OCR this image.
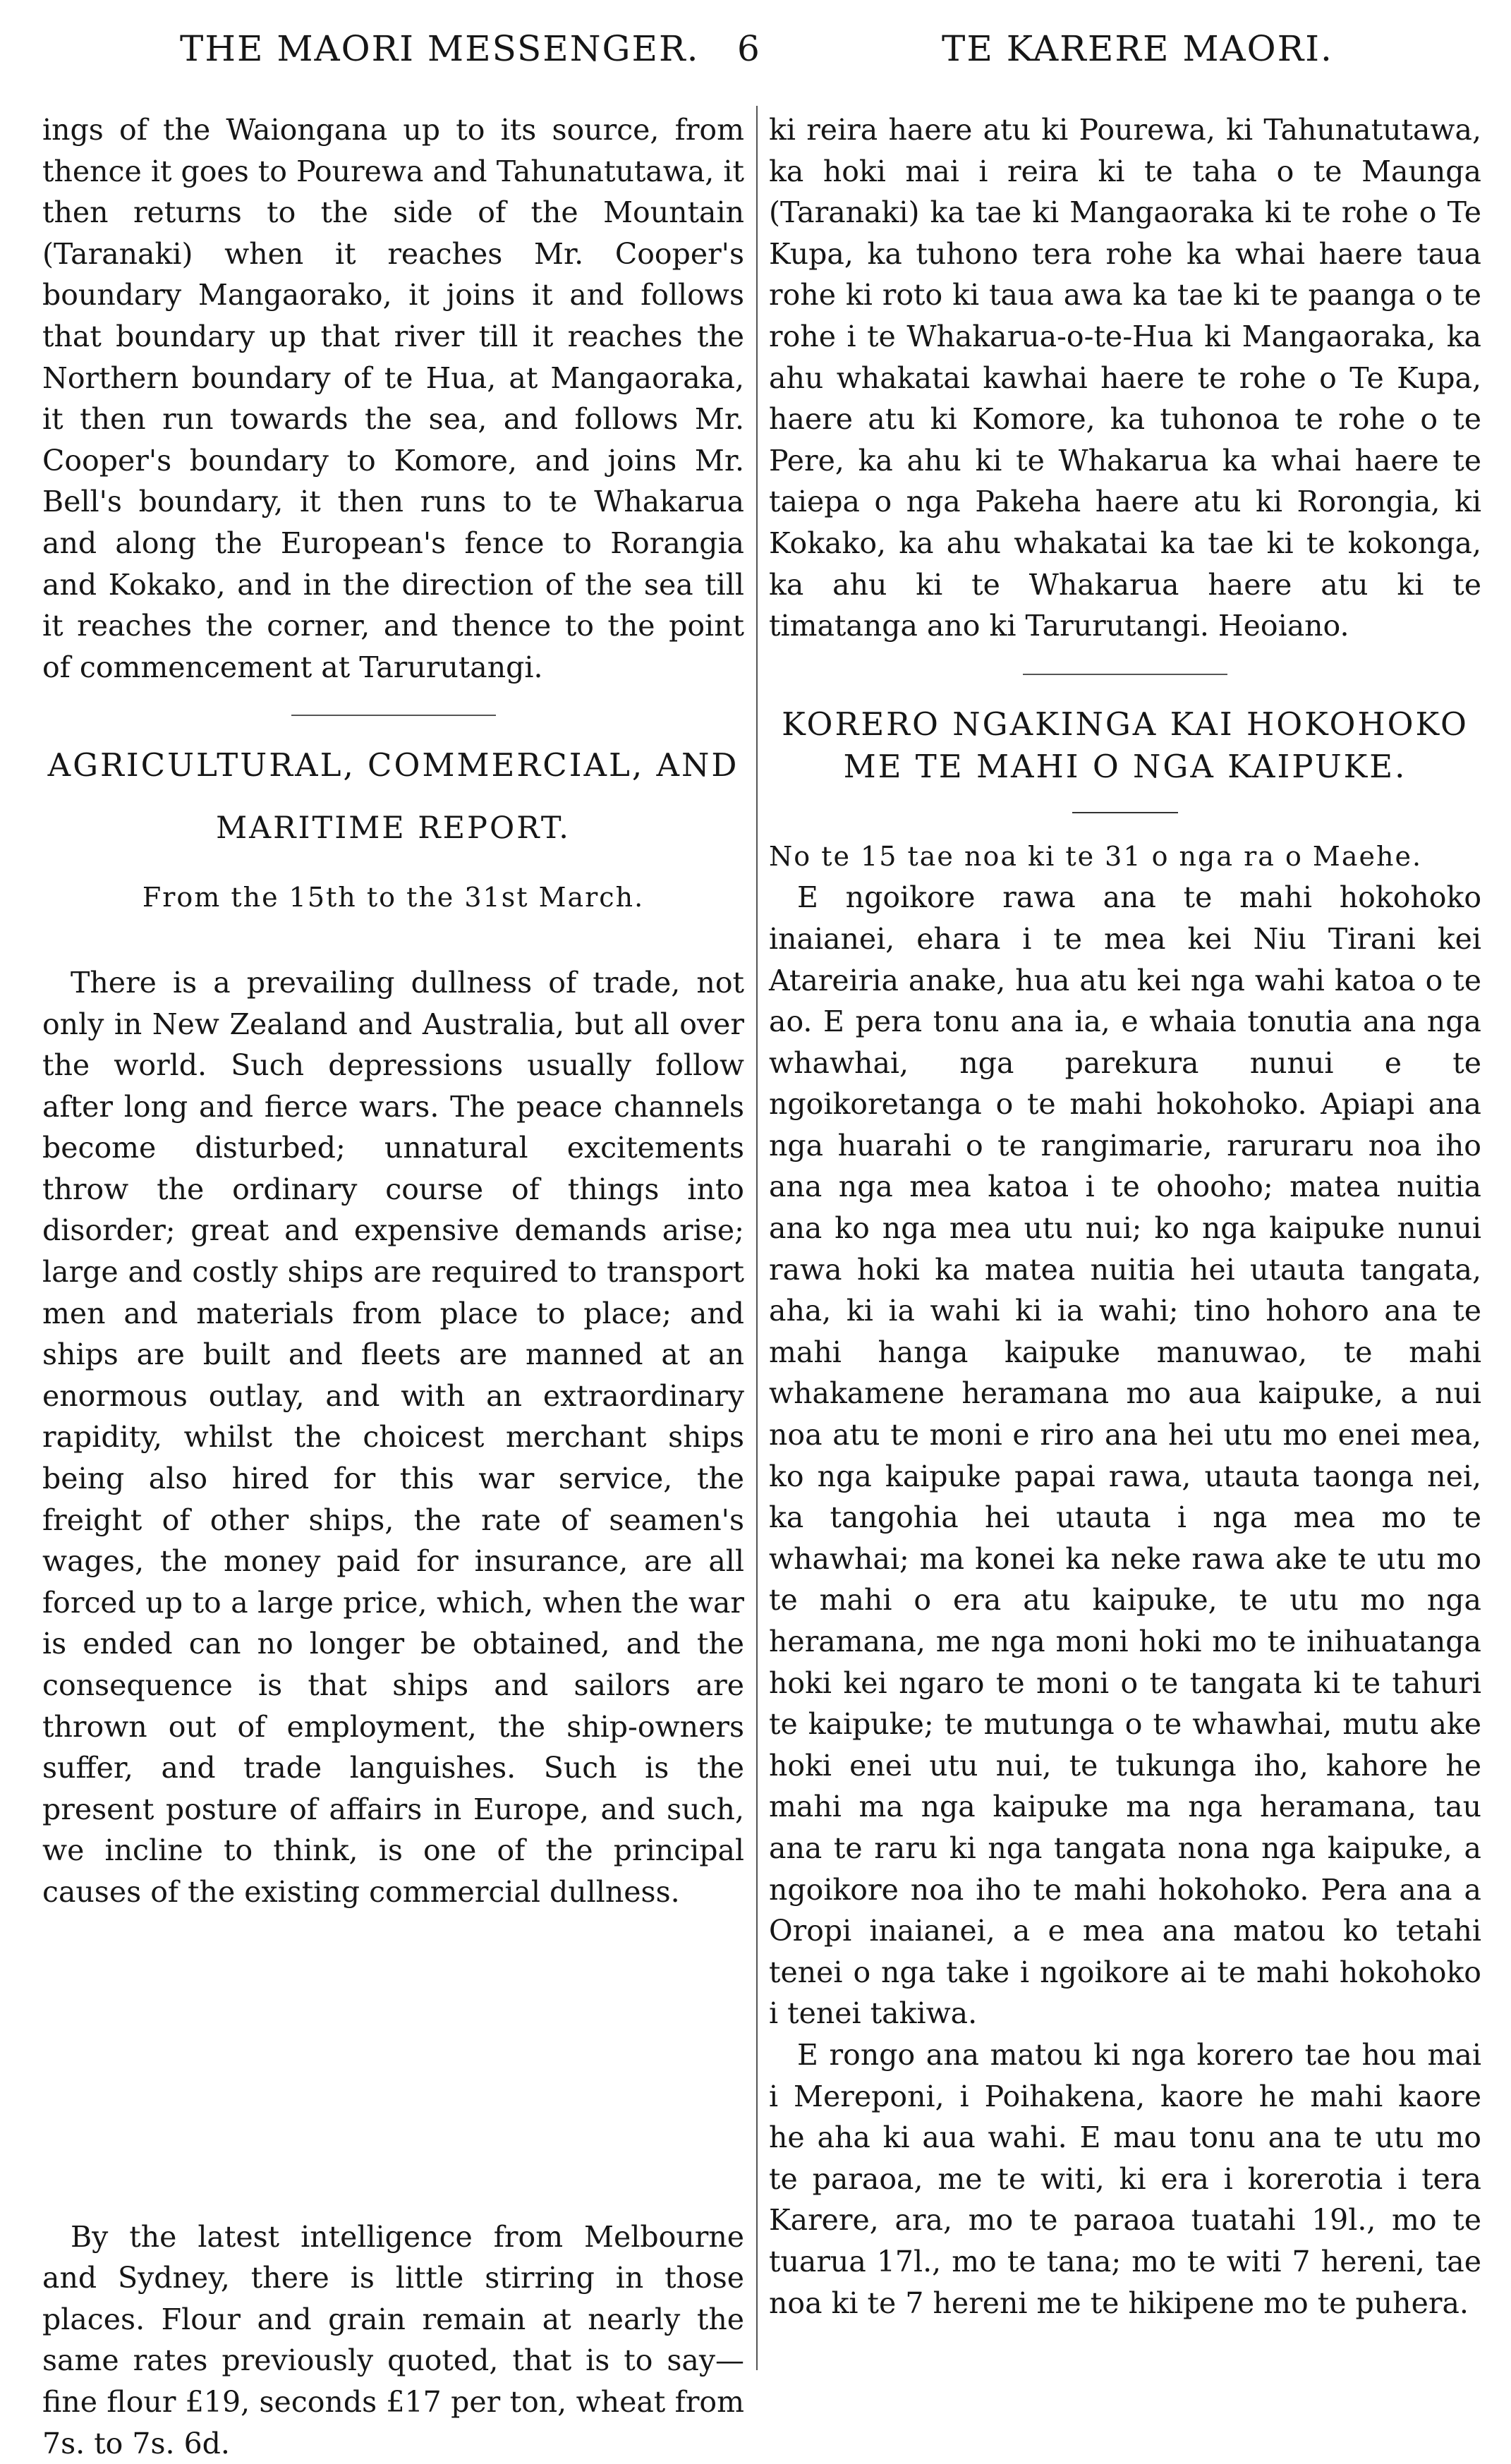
THE MAORI MESSENGER. 6	TE KARERE MAORI.

ings of the Waiongana up to its source, from thence it goes to Pourewa and Tahunatutawa, it then returns to the side of the Mountain (Taranaki) when it reaches Mr. Cooper's boundary Mangaorako, it joins it and follows that boundary up that river till it reaches the Northern boundary of te Hua, at Mangaoraka, it then run towards the sea, and follows Mr. Cooper's boundary to Komore, and joins Mr. Bell's boundary, it then runs to te Whakarua and along the European's fence to Rorangia and Kokako, and in the direction of the sea till it reaches the corner, and thence to the point of commencement at Tarurutangi.

AGRICULTURAL, COMMERCIAL, AND

MARITIME REPORT.

From the 15th to the 31st March.

There is a prevailing dullness of trade, not only in New Zealand and Australia, but all over the world. Such depressions usually follow after long and fierce wars. The peace channels become disturbed; unnatural excitements throw the ordinary course of things into disorder; great and expensive demands arise; large and costly ships are required to transport men and materials from place to place; and ships are built and fleets are manned at an enormous outlay, and with an extraordinary rapidity, whilst the choicest merchant ships being also hired for this war service, the freight of other ships, the rate of seamen's wages, the money paid for insurance, are all forced up to a large price, which, when the war is ended can no longer be obtained, and the consequence is that ships and sailors are thrown out of employment, the ship-owners suffer, and trade languishes. Such is the present posture of affairs in Europe, and such, we incline to think, is one of the principal causes of the existing commercial dullness.

By the latest intelligence from Melbourne and Sydney, there is little stirring in those places. Flour and grain remain at nearly the same rates previously quoted, that is to say—fine flour £19, seconds £17 per ton, wheat from 7s. to 7s. 6d.

ki reira haere atu ki Pourewa, ki Tahunatutawa, ka hoki mai i reira ki te taha o te Maunga (Taranaki) ka tae ki Mangaoraka ki te rohe o Te Kupa, ka tuhono tera rohe ka whai haere taua rohe ki roto ki taua awa ka tae ki te paanga o te rohe i te Whakarua-o-te-Hua ki Mangaoraka, ka ahu whakatai kawhai haere te rohe o Te Kupa, haere atu ki Komore, ka tuhonoa te rohe o te Pere, ka ahu ki te Whakarua ka whai haere te taiepa o nga Pakeha haere atu ki Rorongia, ki Kokako, ka ahu whakatai ka tae ki te kokonga, ka ahu ki te Whakarua haere atu ki te timatanga ano ki Tarurutangi. Heoiano.

KORERO NGAKINGA KAI HOKOHOKO

ME TE MAHI O NGA KAIPUKE.

No te 15 tae noa ki te 31 o nga ra o Maehe.

E ngoikore rawa ana te mahi hokohoko inaianei, ehara i te mea kei Niu Tirani kei Atareiria anake, hua atu kei nga wahi katoa o te ao. E pera tonu ana ia, e whaia tonutia ana nga whawhai, nga parekura nunui e te ngoikoretanga o te mahi hokohoko. Apiapi ana nga huarahi o te rangimarie, raruraru noa iho ana nga mea katoa i te ohooho; matea nuitia ana ko nga mea utu nui; ko nga kaipuke nunui rawa hoki ka matea nuitia hei utauta tangata, aha, ki ia wahi ki ia wahi; tino hohoro ana te mahi hanga kaipuke manuwao, te mahi whakamene heramana mo aua kaipuke, a nui noa atu te moni e riro ana hei utu mo enei mea, ko nga kaipuke papai rawa, utauta taonga nei, ka tangohia hei utauta i nga mea mo te whawhai; ma konei ka neke rawa ake te utu mo te mahi o era atu kaipuke, te utu mo nga heramana, me nga moni hoki mo te inihuatanga hoki kei ngaro te moni o te tangata ki te tahuri te kaipuke; te mutunga o te whawhai, mutu ake hoki enei utu nui, te tukunga iho, kahore he mahi ma nga kaipuke ma nga heramana, tau ana te raru ki nga tangata nona nga kaipuke, a ngoikore noa iho te mahi hokohoko. Pera ana a Oropi inaianei, a e mea ana matou ko tetahi tenei o nga take i ngoikore ai te mahi hokohoko i tenei takiwa.

E rongo ana matou ki nga korero tae hou mai i Mereponi, i Poihakena, kaore he mahi kaore he aha ki aua wahi. E mau tonu ana te utu mo te paraoa, me te witi, ki era i korerotia i tera Karere, ara, mo te paraoa tuatahi 19l., mo te tuarua 17l., mo te tana; mo te witi 7 hereni, tae noa ki te 7 hereni me te hikipene mo te puhera.
